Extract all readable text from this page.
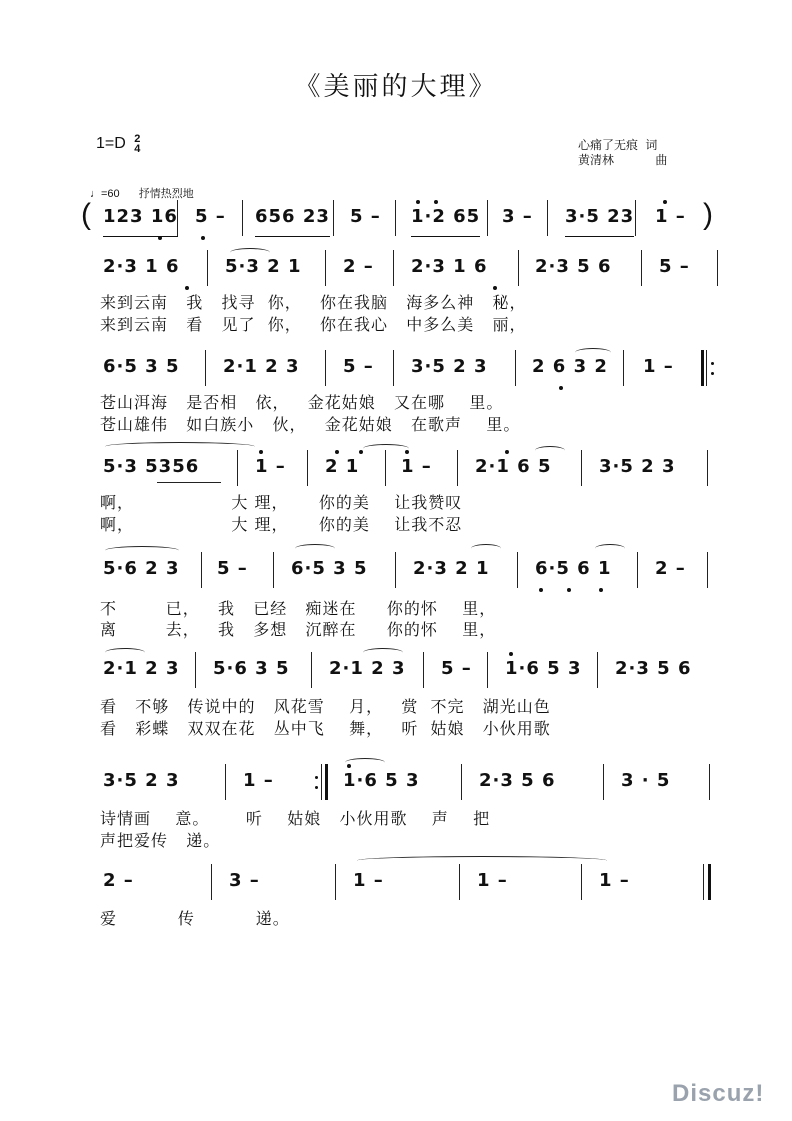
《美丽的大理》
1=D 2
4	心痛了无痕 词
黄清林	曲
♩=60 抒情热烈地
( 123 16 5 – 656 23 5 – 1·2 65 3 – 3·5 23 1 – )
2·3 1 6	5·3 2 1 2 – 2·3 1 6	2·3 5 6	5 –
来到云南   我   找寻  你，   你在我脑   海多么神   秘，
来到云南   看   见了  你，   你在我心   中多么美   丽，
6·5 3 5 2·1 2 3 5 – 3·5 2 3 2 6 3 2 1 –
苍山洱海   是否相   依，   金花姑娘   又在哪    里。
苍山雄伟   如白族小   伙，   金花姑娘   在歌声    里。
5·3 5356	1 – 2 1 1 – 2·1 6 5	3·5 2 3
啊，                大 理，     你的美    让我赞叹
啊，                大 理，     你的美    让我不忍
5·6 2 3 5 – 6·5 3 5	2·3 2 1	6·5 6 1 2 –
不        已，   我   已经   痴迷在     你的怀    里，
离        去，   我   多想   沉醉在     你的怀    里，
2·1 2 3 5·6 3 5 2·1 2 3 5 – 1·6 5 3 2·3 5 6
看   不够   传说中的   风花雪    月，   赏  不完   湖光山色
看   彩蝶   双双在花   丛中飞    舞，   听  姑娘   小伙用歌
3·5 2 3	1 –	1·6 5 3	2·3 5 6	3 · 5
诗情画    意。      听    姑娘   小伙用歌    声    把
声把爱传   递。
2 –	3 –	1 –	1 –	1 –
爱          传          递。
Discuz!
